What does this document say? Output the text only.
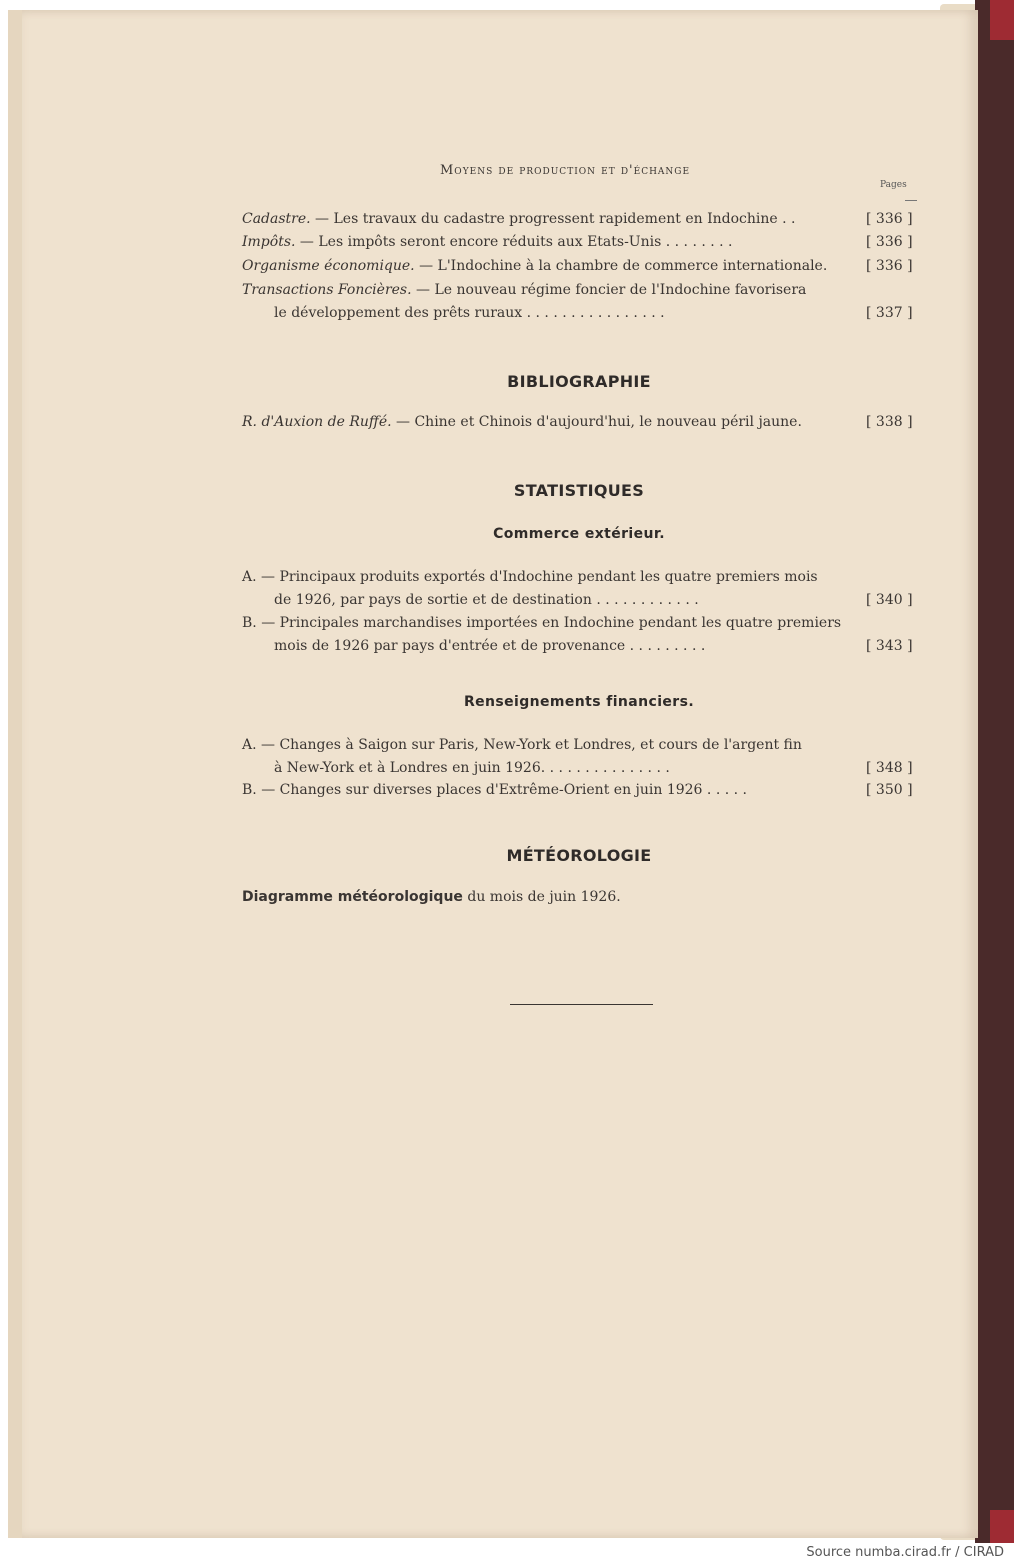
Moyens de production et d'échange
Pages
Cadastre. — Les travaux du cadastre progressent rapidement en Indochine . .	[ 336 ]
Impôts. — Les impôts seront encore réduits aux Etats-Unis . . . . . . . .	[ 336 ]
Organisme économique. — L'Indochine à la chambre de commerce internationale.	[ 336 ]
Transactions Foncières. — Le nouveau régime foncier de l'Indochine favorisera
le développement des prêts ruraux . . . . . . . . . . . . . . . .	[ 337 ]
BIBLIOGRAPHIE
R. d'Auxion de Ruffé. — Chine et Chinois d'aujourd'hui, le nouveau péril jaune.	[ 338 ]
STATISTIQUES
Commerce extérieur.
A. — Principaux produits exportés d'Indochine pendant les quatre premiers mois
de 1926, par pays de sortie et de destination . . . . . . . . . . . .	[ 340 ]
B. — Principales marchandises importées en Indochine pendant les quatre premiers
mois de 1926 par pays d'entrée et de provenance . . . . . . . . .	[ 343 ]
Renseignements financiers.
A. — Changes à Saigon sur Paris, New-York et Londres, et cours de l'argent fin
à New-York et à Londres en juin 1926. . . . . . . . . . . . . . .	[ 348 ]
B. — Changes sur diverses places d'Extrême-Orient en juin 1926 . . . . .	[ 350 ]
MÉTÉOROLOGIE
Diagramme météorologique du mois de juin 1926.
Source numba.cirad.fr / CIRAD
